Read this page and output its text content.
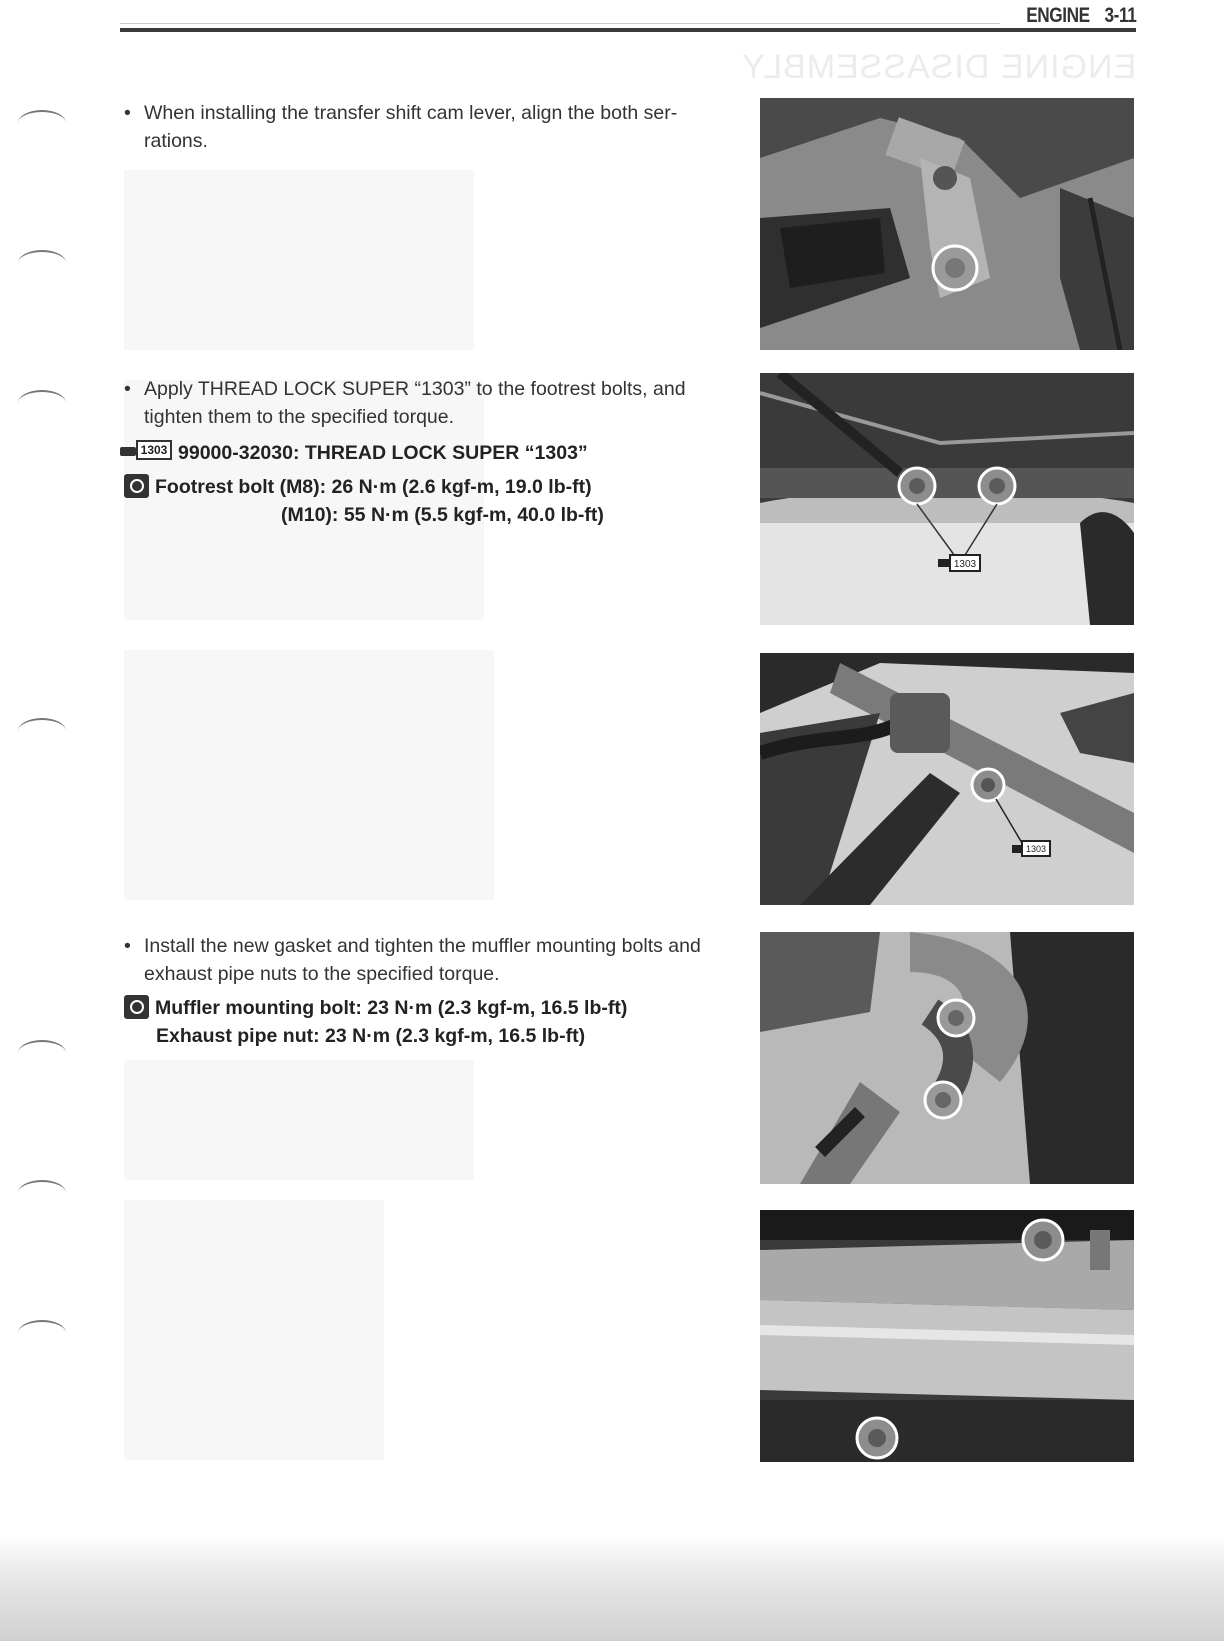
ENGINE 3-11
ENGINE DISASSEMBLY
• When installing the transfer shift cam lever, align the both ser- rations.
• Apply THREAD LOCK SUPER “1303” to the footrest bolts, and tighten them to the specified torque.
1303 99000-32030: THREAD LOCK SUPER “1303”
Footrest bolt (M8): 26 N·m (2.6 kgf-m, 19.0 lb-ft)
(M10): 55 N·m (5.5 kgf-m, 40.0 lb-ft)
• Install the new gasket and tighten the muffler mounting bolts and exhaust pipe nuts to the specified torque.
Muffler mounting bolt: 23 N·m (2.3 kgf-m, 16.5 lb-ft)
Exhaust pipe nut: 23 N·m (2.3 kgf-m, 16.5 lb-ft)
1303
1303
